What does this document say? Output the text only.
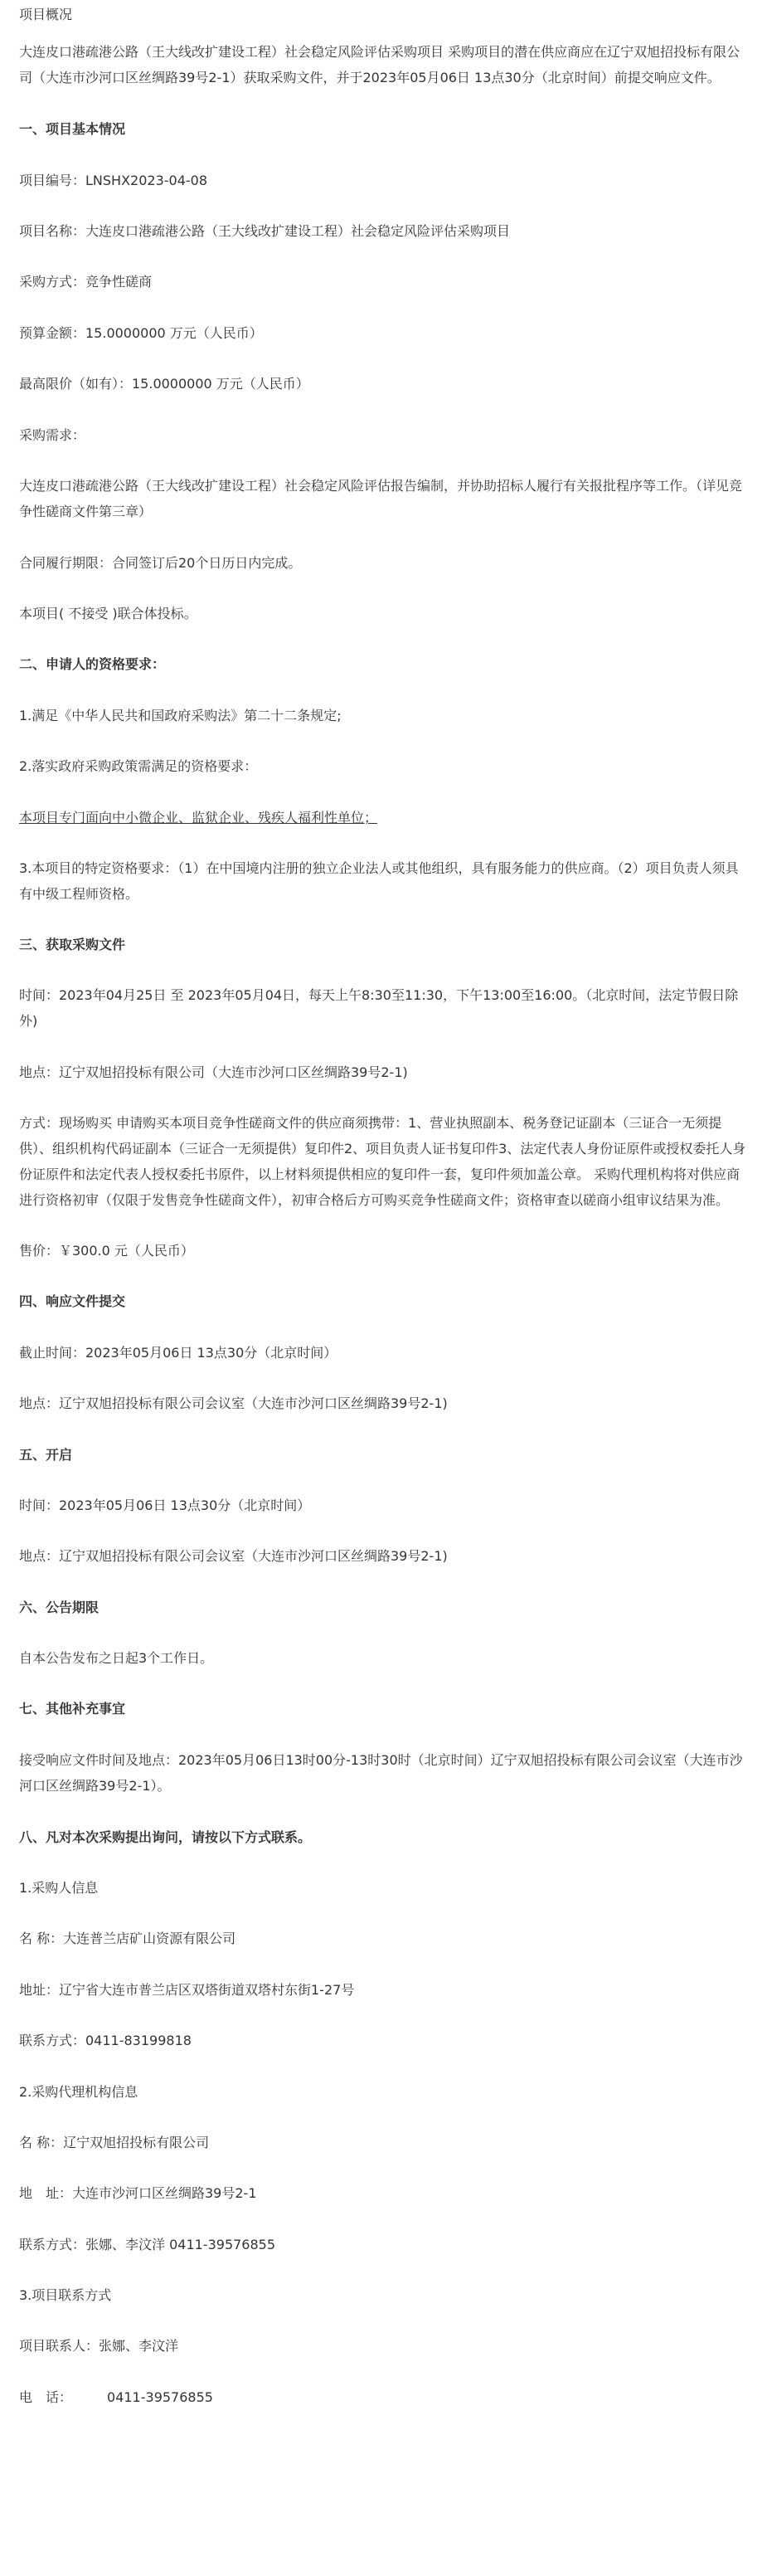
项目概况

大连皮口港疏港公路（王大线改扩建设工程）社会稳定风险评估采购项目 采购项目的潜在供应商应在辽宁双旭招投标有限公司（大连市沙河口区丝绸路39号2-1）获取采购文件，并于2023年05月06日 13点30分（北京时间）前提交响应文件。

一、项目基本情况

项目编号：LNSHX2023-04-08

项目名称：大连皮口港疏港公路（王大线改扩建设工程）社会稳定风险评估采购项目

采购方式：竞争性磋商

预算金额：15.0000000 万元（人民币）

最高限价（如有）：15.0000000 万元（人民币）

采购需求：

大连皮口港疏港公路（王大线改扩建设工程）社会稳定风险评估报告编制，并协助招标人履行有关报批程序等工作。（详见竞争性磋商文件第三章）

合同履行期限：合同签订后20个日历日内完成。

本项目( 不接受 )联合体投标。

二、申请人的资格要求：

1.满足《中华人民共和国政府采购法》第二十二条规定;

2.落实政府采购政策需满足的资格要求：

本项目专门面向中小微企业、监狱企业、残疾人福利性单位；

3.本项目的特定资格要求：（1）在中国境内注册的独立企业法人或其他组织，具有服务能力的供应商。（2）项目负责人须具有中级工程师资格。

三、获取采购文件

时间：2023年04月25日 至 2023年05月04日，每天上午8:30至11:30，下午13:00至16:00。（北京时间，法定节假日除外)

地点：辽宁双旭招投标有限公司（大连市沙河口区丝绸路39号2-1)

方式：现场购买 申请购买本项目竞争性磋商文件的供应商须携带：1、营业执照副本、税务登记证副本（三证合一无须提供）、组织机构代码证副本（三证合一无须提供）复印件2、项目负责人证书复印件3、法定代表人身份证原件或授权委托人身份证原件和法定代表人授权委托书原件，以上材料须提供相应的复印件一套，复印件须加盖公章。 采购代理机构将对供应商进行资格初审（仅限于发售竞争性磋商文件），初审合格后方可购买竞争性磋商文件；资格审查以磋商小组审议结果为准。

售价：￥300.0 元（人民币）

四、响应文件提交

截止时间：2023年05月06日 13点30分（北京时间）

地点：辽宁双旭招投标有限公司会议室（大连市沙河口区丝绸路39号2-1)

五、开启

时间：2023年05月06日 13点30分（北京时间）

地点：辽宁双旭招投标有限公司会议室（大连市沙河口区丝绸路39号2-1)

六、公告期限

自本公告发布之日起3个工作日。

七、其他补充事宜

接受响应文件时间及地点：2023年05月06日13时00分-13时30时（北京时间）辽宁双旭招投标有限公司会议室（大连市沙河口区丝绸路39号2-1）。

八、凡对本次采购提出询问，请按以下方式联系。

1.采购人信息

名 称：大连普兰店矿山资源有限公司

地址：辽宁省大连市普兰店区双塔街道双塔村东街1-27号

联系方式：0411-83199818

2.采购代理机构信息

名 称：辽宁双旭招投标有限公司

地　址：大连市沙河口区丝绸路39号2-1

联系方式：张娜、李汶洋 0411-39576855

3.项目联系方式

项目联系人：张娜、李汶洋

电　话：	0411-39576855
